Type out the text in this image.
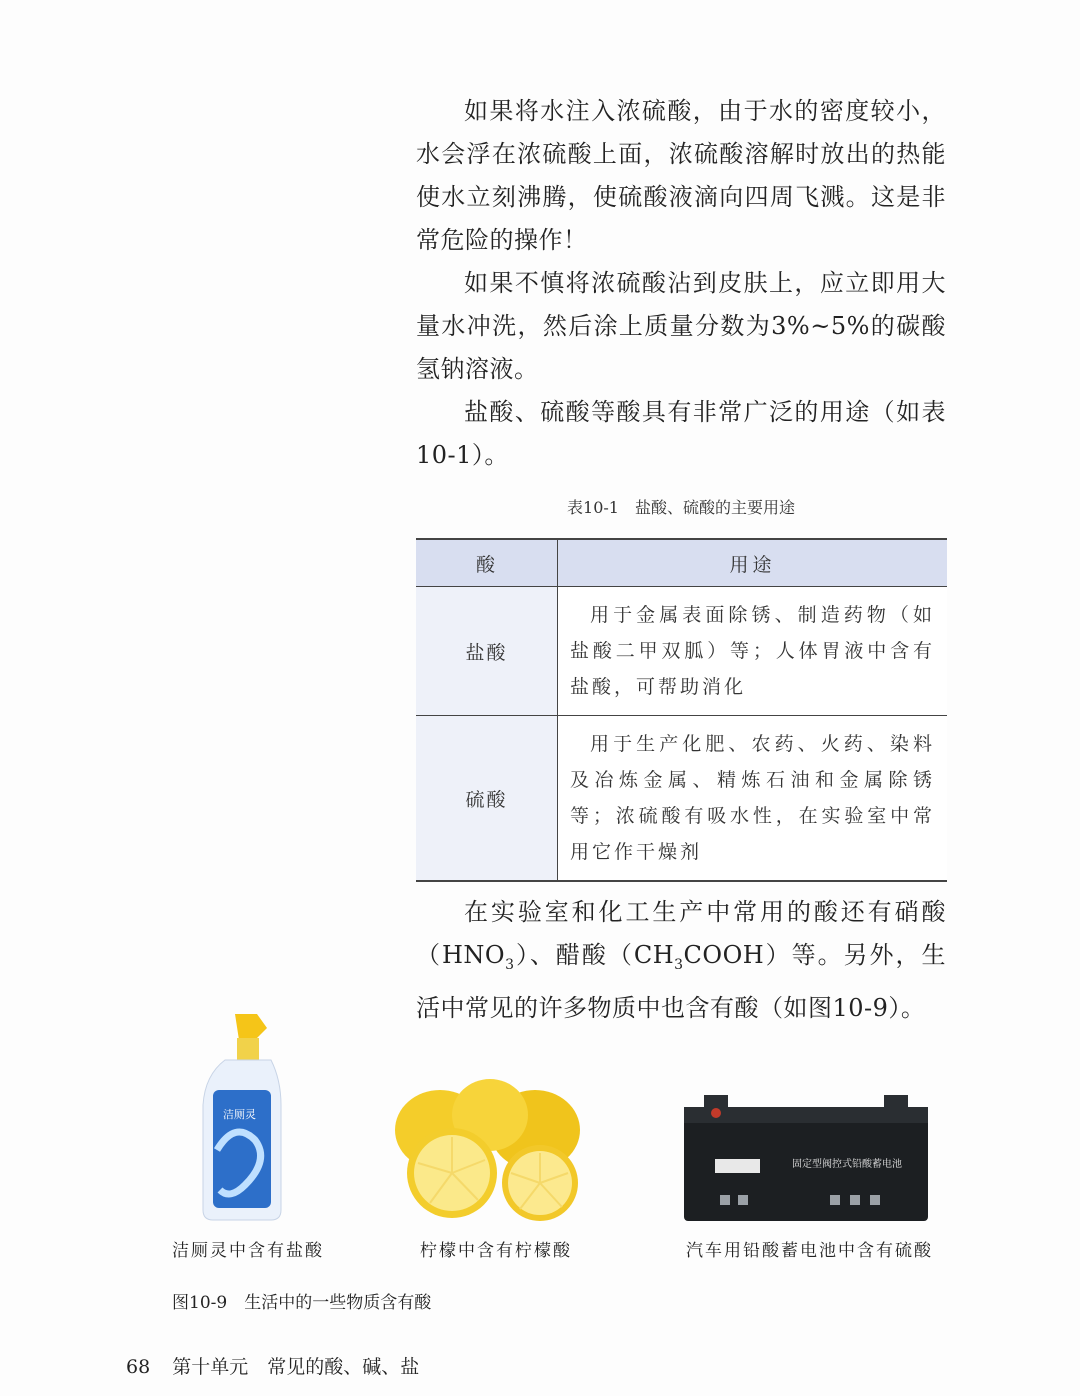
如果将水注入浓硫酸，由于水的密度较小，水会浮在浓硫酸上面，浓硫酸溶解时放出的热能使水立刻沸腾，使硫酸液滴向四周飞溅。这是非常危险的操作！

如果不慎将浓硫酸沾到皮肤上，应立即用大量水冲洗，然后涂上质量分数为3%~5%的碳酸氢钠溶液。

盐酸、硫酸等酸具有非常广泛的用途（如表10-1）。

表10-1　盐酸、硫酸的主要用途
酸	用途
盐酸	用于金属表面除锈、制造药物（如盐酸二甲双胍）等；人体胃液中含有盐酸，可帮助消化
硫酸	用于生产化肥、农药、火药、染料及冶炼金属、精炼石油和金属除锈等；浓硫酸有吸水性，在实验室中常用它作干燥剂

在实验室和化工生产中常用的酸还有硝酸$(HNO_3)$、醋酸$(CH_3COOH)$等。另外，生活中常见的许多物质中也含有酸（如图10-9）。

洁厕灵
固定型阀控式铅酸蓄电池
洁厕灵中含有盐酸	柠檬中含有柠檬酸	汽车用铅酸蓄电池中含有硫酸
图10-9　生活中的一些物质含有酸
68 第十单元　常见的酸、碱、盐
